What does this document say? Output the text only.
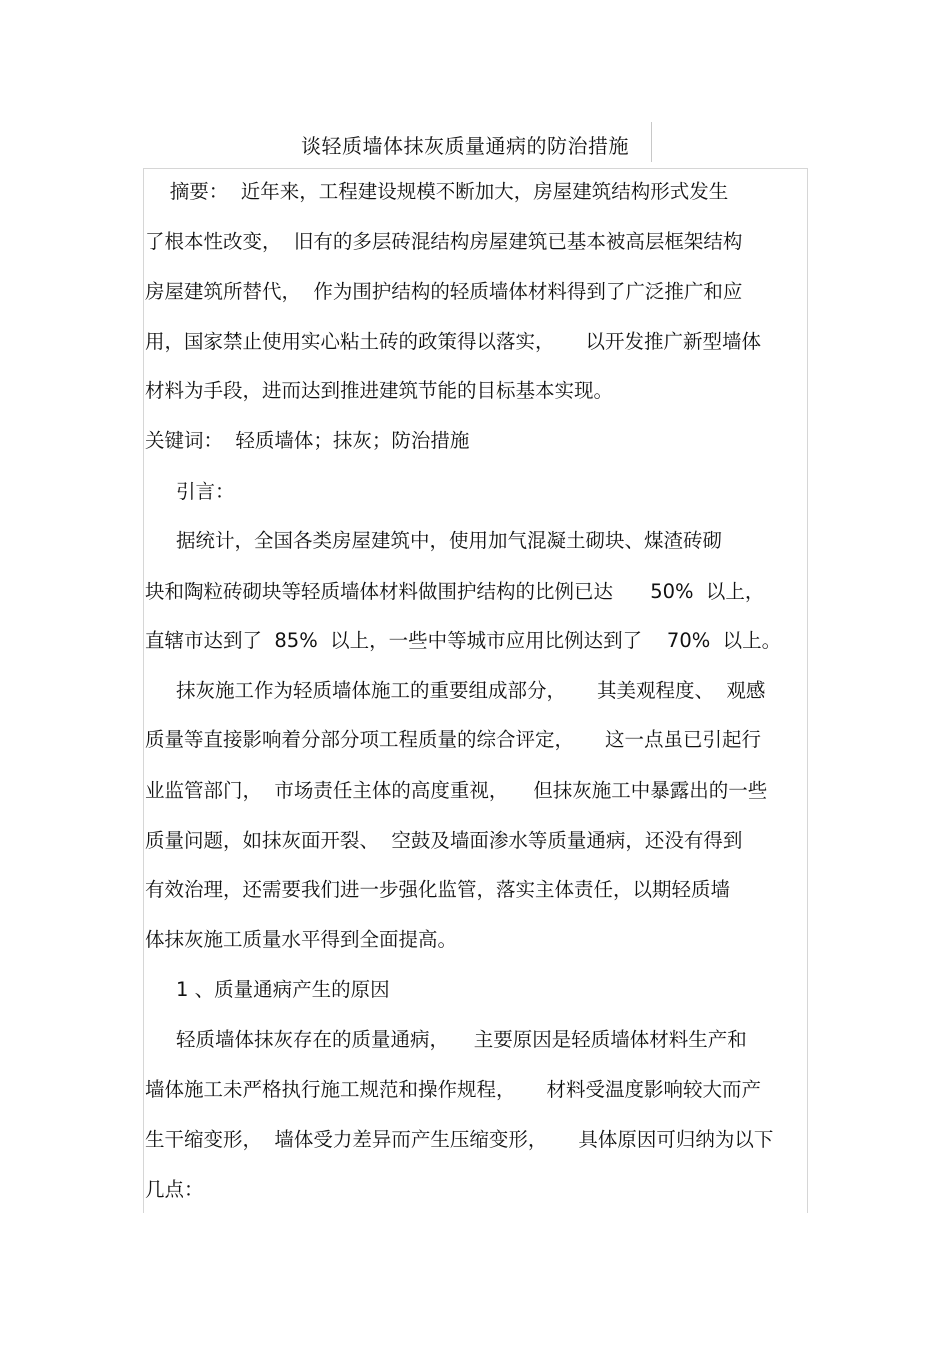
谈轻质墙体抹灰质量通病的防治措施
摘要：  近年来，工程建设规模不断加大，房屋建筑结构形式发生
了根本性改变，  旧有的多层砖混结构房屋建筑已基本被高层框架结构
房屋建筑所替代，  作为围护结构的轻质墙体材料得到了广泛推广和应
用，国家禁止使用实心粘土砖的政策得以落实，     以开发推广新型墙体
材料为手段，进而达到推进建筑节能的目标基本实现。
关键词：  轻质墙体；抹灰；防治措施
引言：
据统计，全国各类房屋建筑中，使用加气混凝土砌块、煤渣砖砌
块和陶粒砖砌块等轻质墙体材料做围护结构的比例已达      50%  以上，
直辖市达到了  85%  以上，一些中等城市应用比例达到了    70%  以上。
抹灰施工作为轻质墙体施工的重要组成部分，     其美观程度、  观感
质量等直接影响着分部分项工程质量的综合评定，     这一点虽已引起行
业监管部门，  市场责任主体的高度重视，    但抹灰施工中暴露出的一些
质量问题，如抹灰面开裂、  空鼓及墙面渗水等质量通病，还没有得到
有效治理，还需要我们进一步强化监管，落实主体责任，以期轻质墙
体抹灰施工质量水平得到全面提高。
1 、质量通病产生的原因
轻质墙体抹灰存在的质量通病，    主要原因是轻质墙体材料生产和
墙体施工未严格执行施工规范和操作规程，     材料受温度影响较大而产
生干缩变形，  墙体受力差异而产生压缩变形，     具体原因可归纳为以下
几点：
